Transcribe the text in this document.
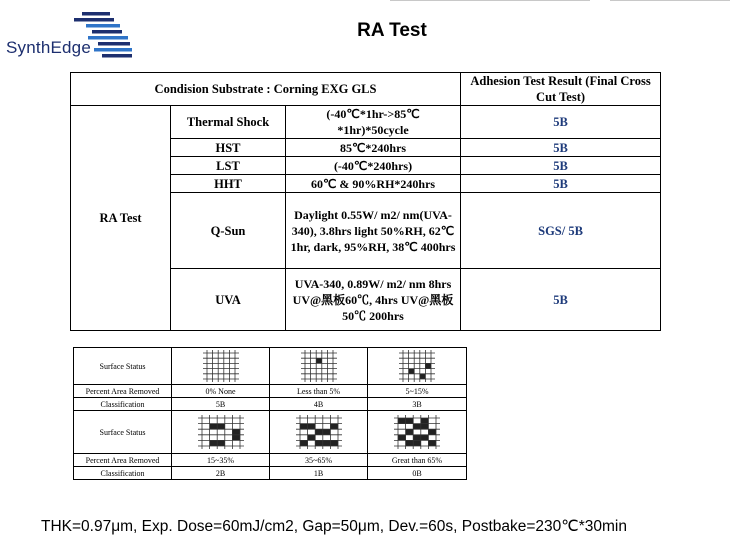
SynthEdge
RA Test
Condision Substrate : Corning EXG GLS			Adhesion Test Result (Final Cross Cut Test)
RA Test	Thermal Shock	(-40℃*1hr->85℃ *1hr)*50cycle	5B
	HST	85℃*240hrs	5B
	LST	(-40℃*240hrs)	5B
	HHT	60℃ & 90%RH*240hrs	5B
	Q-Sun	Daylight 0.55W/ m2/ nm(UVA-340), 3.8hrs light 50%RH, 62℃ 1hr, dark, 95%RH, 38℃ 400hrs	SGS/ 5B
	UVA	UVA-340, 0.89W/ m2/ nm 8hrs UV@黑板60℃, 4hrs UV@黑板50℃ 200hrs	5B
Surface Status	

Percent Area Removed	0% None	Less than 5%	5~15%
Classification	5B	4B	3B
Surface Status	

Percent Area Removed	15~35%	35~65%	Great than 65%
Classification	2B	1B	0B
THK=0.97μm, Exp. Dose=60mJ/cm2, Gap=50μm, Dev.=60s, Postbake=230℃*30min
